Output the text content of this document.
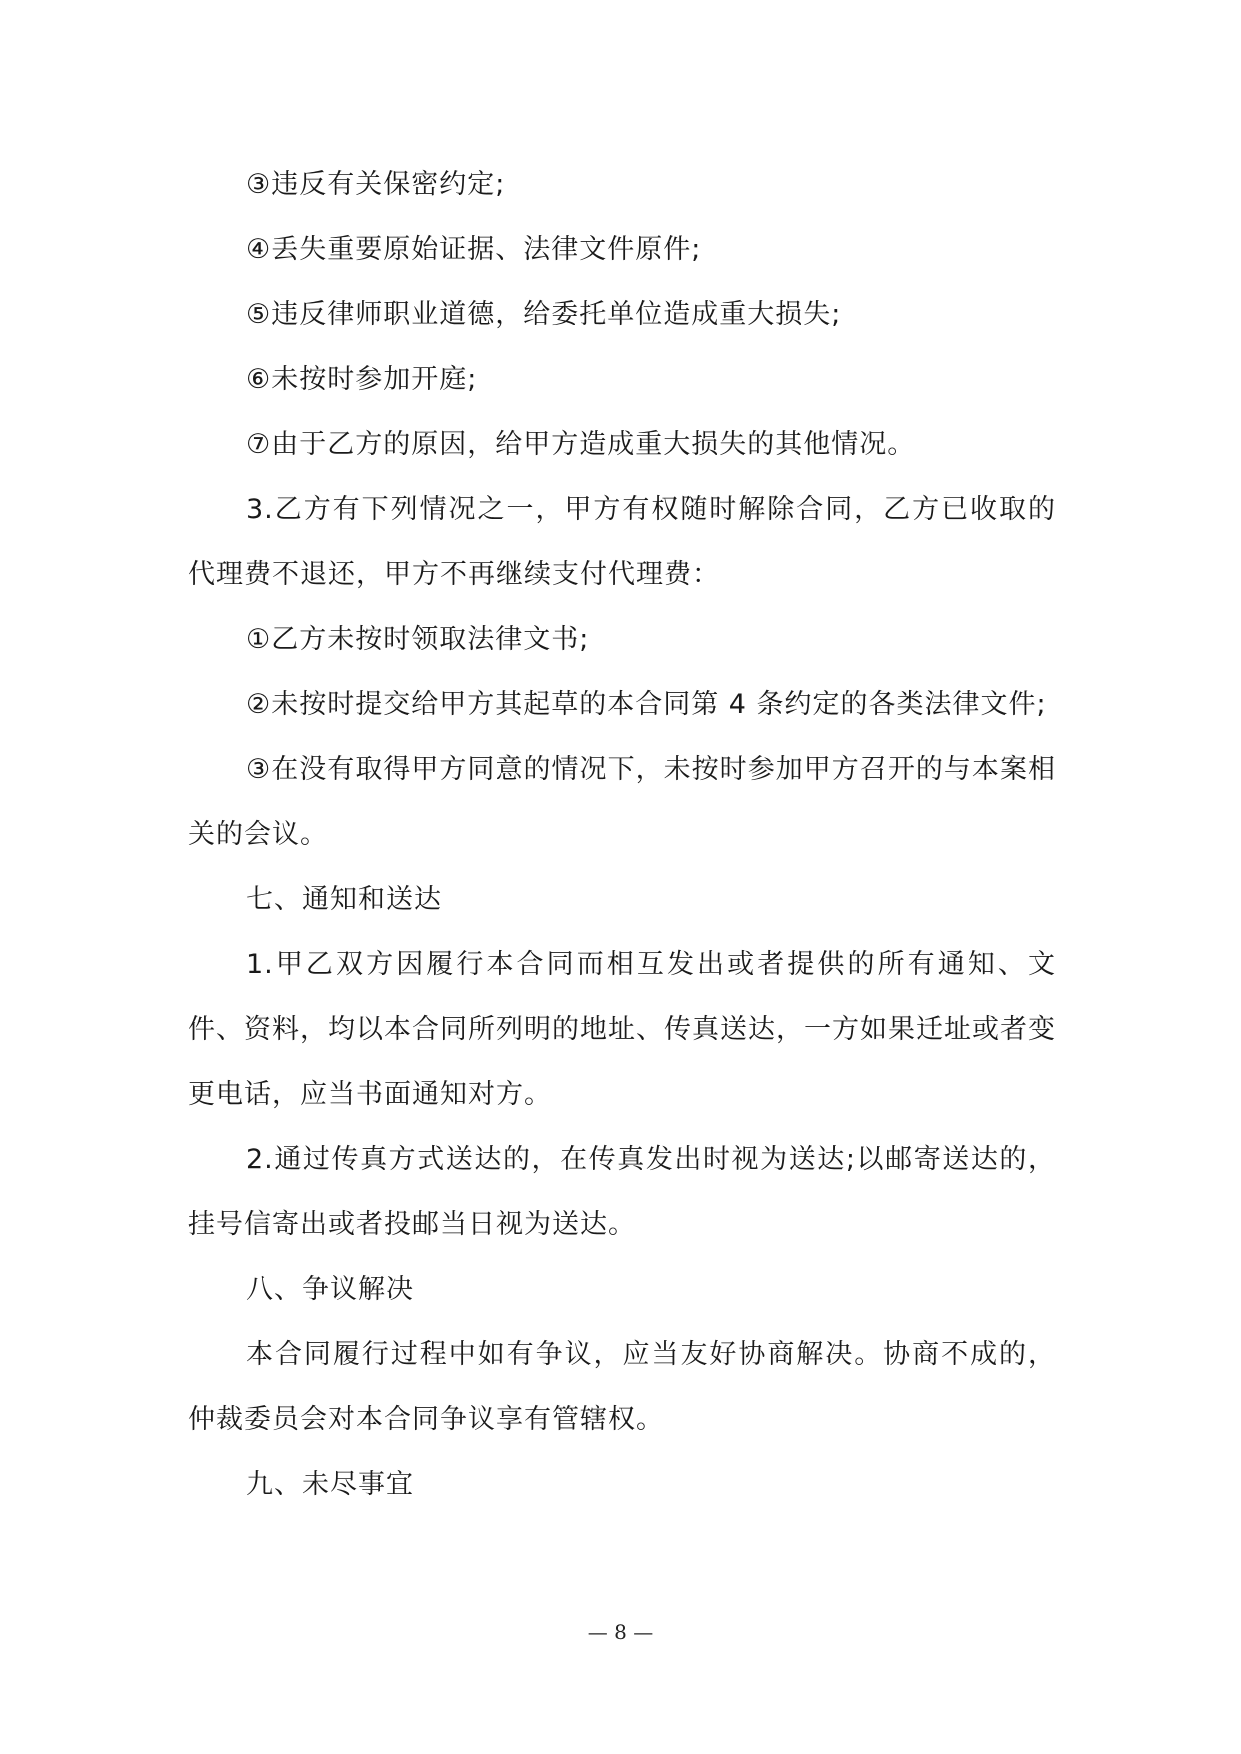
③违反有关保密约定;

④丢失重要原始证据、法律文件原件;

⑤违反律师职业道德，给委托单位造成重大损失;

⑥未按时参加开庭;

⑦由于乙方的原因，给甲方造成重大损失的其他情况。

3.乙方有下列情况之一，甲方有权随时解除合同，乙方已收取的代理费不退还，甲方不再继续支付代理费：

①乙方未按时领取法律文书;

②未按时提交给甲方其起草的本合同第 4 条约定的各类法律文件;

③在没有取得甲方同意的情况下，未按时参加甲方召开的与本案相关的会议。

七、通知和送达

1.甲乙双方因履行本合同而相互发出或者提供的所有通知、文件、资料，均以本合同所列明的地址、传真送达，一方如果迁址或者变更电话，应当书面通知对方。

2.通过传真方式送达的，在传真发出时视为送达;以邮寄送达的，挂号信寄出或者投邮当日视为送达。

八、争议解决

本合同履行过程中如有争议，应当友好协商解决。协商不成的，仲裁委员会对本合同争议享有管辖权。

九、未尽事宜

— 8 —
